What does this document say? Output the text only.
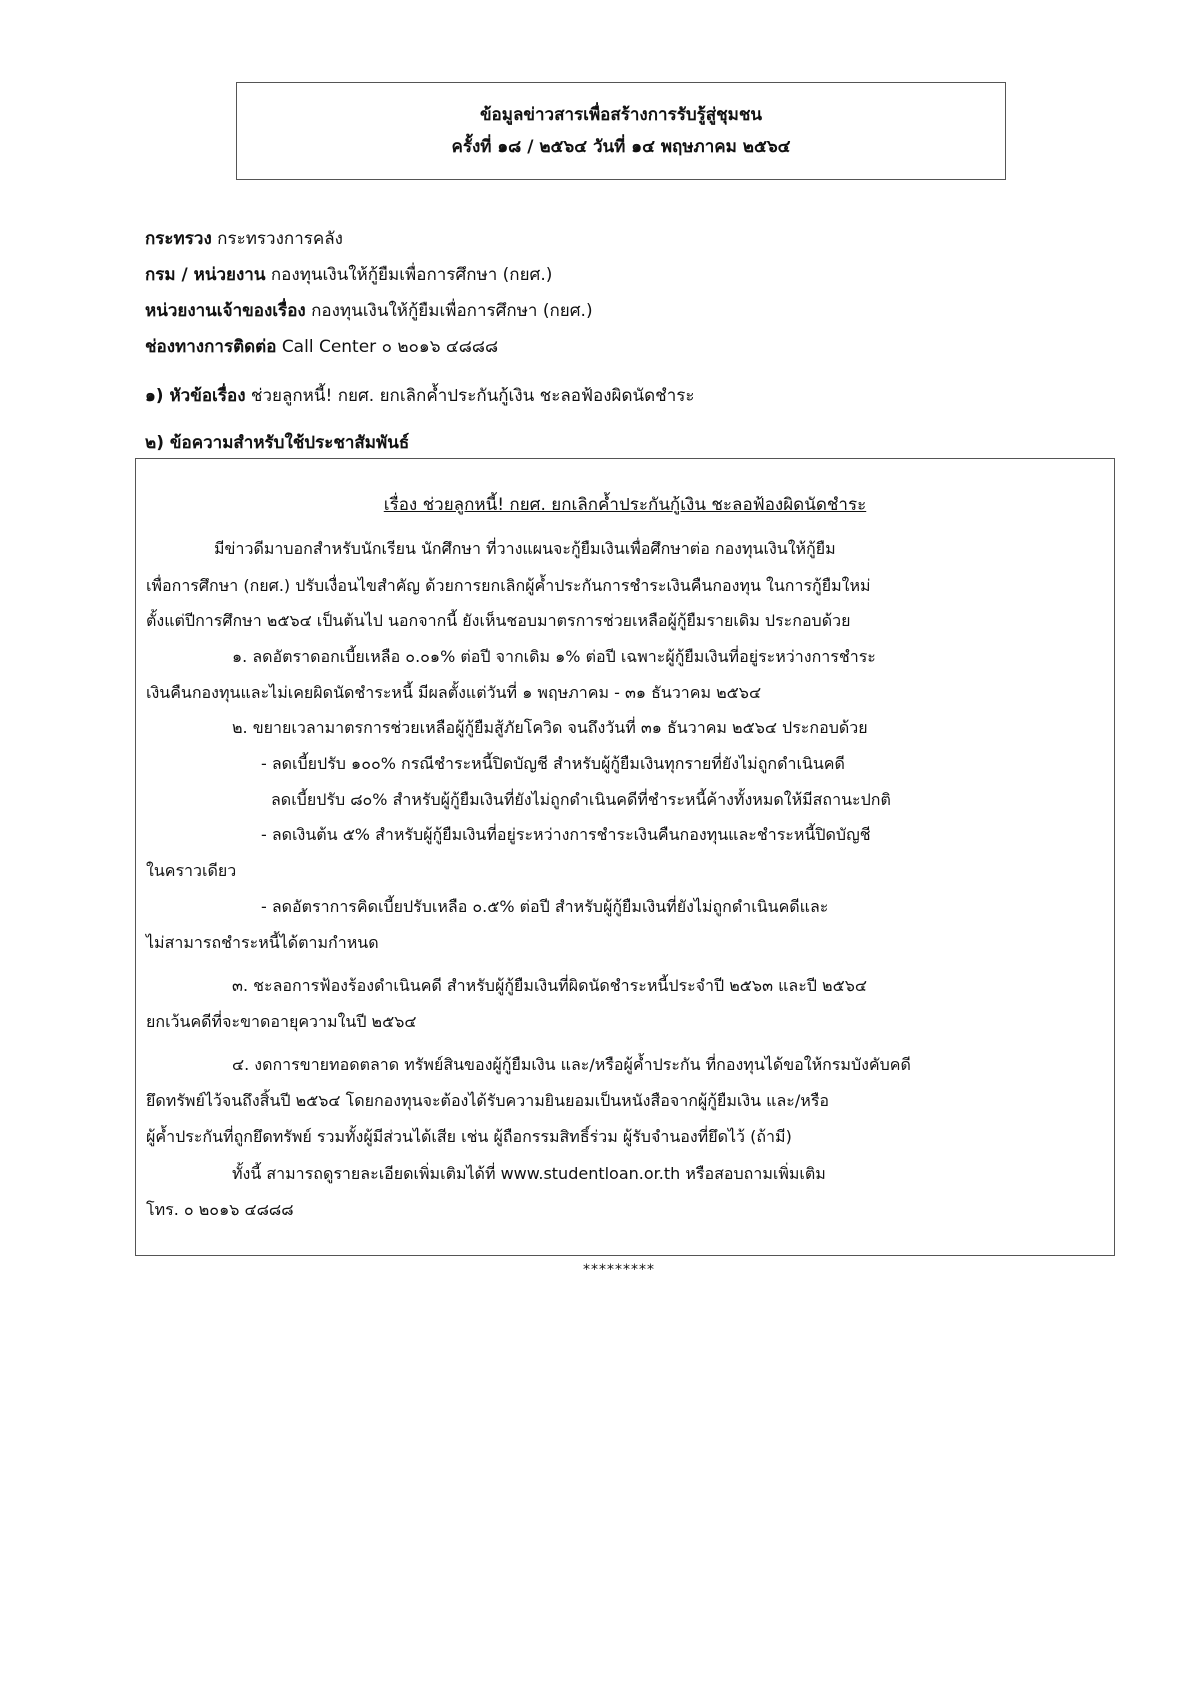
ข้อมูลข่าวสารเพื่อสร้างการรับรู้สู่ชุมชน
ครั้งที่ ๑๘ / ๒๕๖๔ วันที่ ๑๔ พฤษภาคม ๒๕๖๔
กระทรวง กระทรวงการคลัง
กรม / หน่วยงาน กองทุนเงินให้กู้ยืมเพื่อการศึกษา (กยศ.)
หน่วยงานเจ้าของเรื่อง กองทุนเงินให้กู้ยืมเพื่อการศึกษา (กยศ.)
ช่องทางการติดต่อ Call Center ๐ ๒๐๑๖ ๔๘๘๘
๑) หัวข้อเรื่อง ช่วยลูกหนี้! กยศ. ยกเลิกค้ำประกันกู้เงิน ชะลอฟ้องผิดนัดชำระ
๒) ข้อความสำหรับใช้ประชาสัมพันธ์
เรื่อง ช่วยลูกหนี้! กยศ. ยกเลิกค้ำประกันกู้เงิน ชะลอฟ้องผิดนัดชำระ
มีข่าวดีมาบอกสำหรับนักเรียน นักศึกษา ที่วางแผนจะกู้ยืมเงินเพื่อศึกษาต่อ กองทุนเงินให้กู้ยืม
เพื่อการศึกษา (กยศ.) ปรับเงื่อนไขสำคัญ ด้วยการยกเลิกผู้ค้ำประกันการชำระเงินคืนกองทุน ในการกู้ยืมใหม่
ตั้งแต่ปีการศึกษา ๒๕๖๔ เป็นต้นไป นอกจากนี้ ยังเห็นชอบมาตรการช่วยเหลือผู้กู้ยืมรายเดิม ประกอบด้วย
๑. ลดอัตราดอกเบี้ยเหลือ ๐.๐๑% ต่อปี จากเดิม ๑% ต่อปี เฉพาะผู้กู้ยืมเงินที่อยู่ระหว่างการชำระ
เงินคืนกองทุนและไม่เคยผิดนัดชำระหนี้ มีผลตั้งแต่วันที่ ๑ พฤษภาคม - ๓๑ ธันวาคม ๒๕๖๔
๒. ขยายเวลามาตรการช่วยเหลือผู้กู้ยืมสู้ภัยโควิด จนถึงวันที่ ๓๑ ธันวาคม ๒๕๖๔ ประกอบด้วย
- ลดเบี้ยปรับ ๑๐๐% กรณีชำระหนี้ปิดบัญชี สำหรับผู้กู้ยืมเงินทุกรายที่ยังไม่ถูกดำเนินคดี
ลดเบี้ยปรับ ๘๐% สำหรับผู้กู้ยืมเงินที่ยังไม่ถูกดำเนินคดีที่ชำระหนี้ค้างทั้งหมดให้มีสถานะปกติ
- ลดเงินต้น ๕% สำหรับผู้กู้ยืมเงินที่อยู่ระหว่างการชำระเงินคืนกองทุนและชำระหนี้ปิดบัญชี
ในคราวเดียว
- ลดอัตราการคิดเบี้ยปรับเหลือ ๐.๕% ต่อปี สำหรับผู้กู้ยืมเงินที่ยังไม่ถูกดำเนินคดีและ
ไม่สามารถชำระหนี้ได้ตามกำหนด
๓. ชะลอการฟ้องร้องดำเนินคดี สำหรับผู้กู้ยืมเงินที่ผิดนัดชำระหนี้ประจำปี ๒๕๖๓ และปี ๒๕๖๔
ยกเว้นคดีที่จะขาดอายุความในปี ๒๕๖๔
๔. งดการขายทอดตลาด ทรัพย์สินของผู้กู้ยืมเงิน และ/หรือผู้ค้ำประกัน ที่กองทุนได้ขอให้กรมบังคับคดี
ยึดทรัพย์ไว้จนถึงสิ้นปี ๒๕๖๔ โดยกองทุนจะต้องได้รับความยินยอมเป็นหนังสือจากผู้กู้ยืมเงิน และ/หรือ
ผู้ค้ำประกันที่ถูกยึดทรัพย์ รวมทั้งผู้มีส่วนได้เสีย เช่น ผู้ถือกรรมสิทธิ์ร่วม ผู้รับจำนองที่ยึดไว้ (ถ้ามี)
ทั้งนี้ สามารถดูรายละเอียดเพิ่มเติมได้ที่ www.studentloan.or.th หรือสอบถามเพิ่มเติม
โทร. ๐ ๒๐๑๖ ๔๘๘๘
*********
